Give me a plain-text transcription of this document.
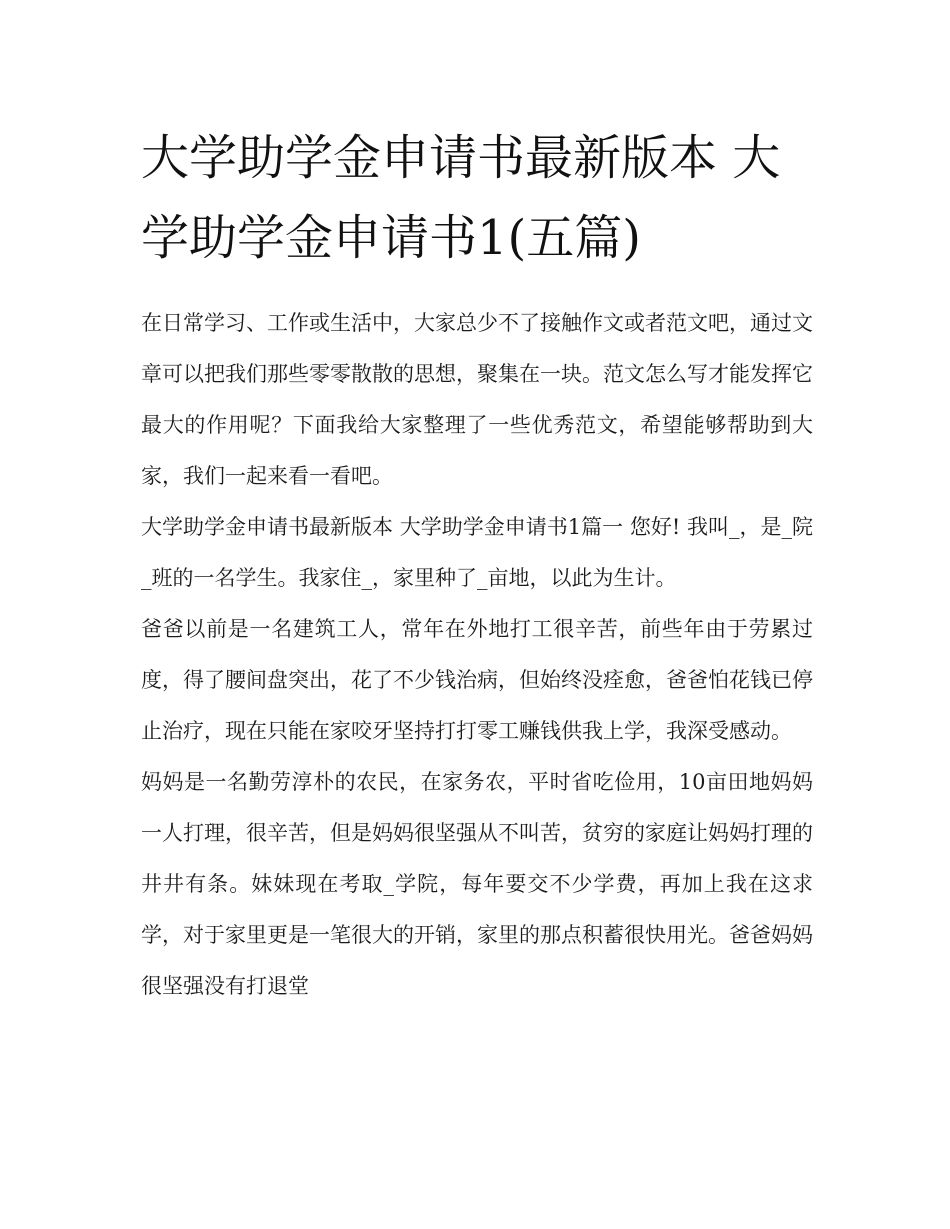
大学助学金申请书最新版本 大学助学金申请书1(五篇)

在日常学习、工作或生活中，大家总少不了接触作文或者范文吧，通过文章可以把我们那些零零散散的思想，聚集在一块。范文怎么写才能发挥它最大的作用呢？下面我给大家整理了一些优秀范文，希望能够帮助到大家，我们一起来看一看吧。

大学助学金申请书最新版本 大学助学金申请书1篇一 您好! 我叫_，是_院_班的一名学生。我家住_，家里种了_亩地，以此为生计。

爸爸以前是一名建筑工人，常年在外地打工很辛苦，前些年由于劳累过度，得了腰间盘突出，花了不少钱治病，但始终没痊愈，爸爸怕花钱已停止治疗，现在只能在家咬牙坚持打打零工赚钱供我上学，我深受感动。

妈妈是一名勤劳淳朴的农民，在家务农，平时省吃俭用，10亩田地妈妈一人打理，很辛苦，但是妈妈很坚强从不叫苦，贫穷的家庭让妈妈打理的井井有条。妹妹现在考取_学院，每年要交不少学费，再加上我在这求学，对于家里更是一笔很大的开销，家里的那点积蓄很快用光。爸爸妈妈很坚强没有打退堂
